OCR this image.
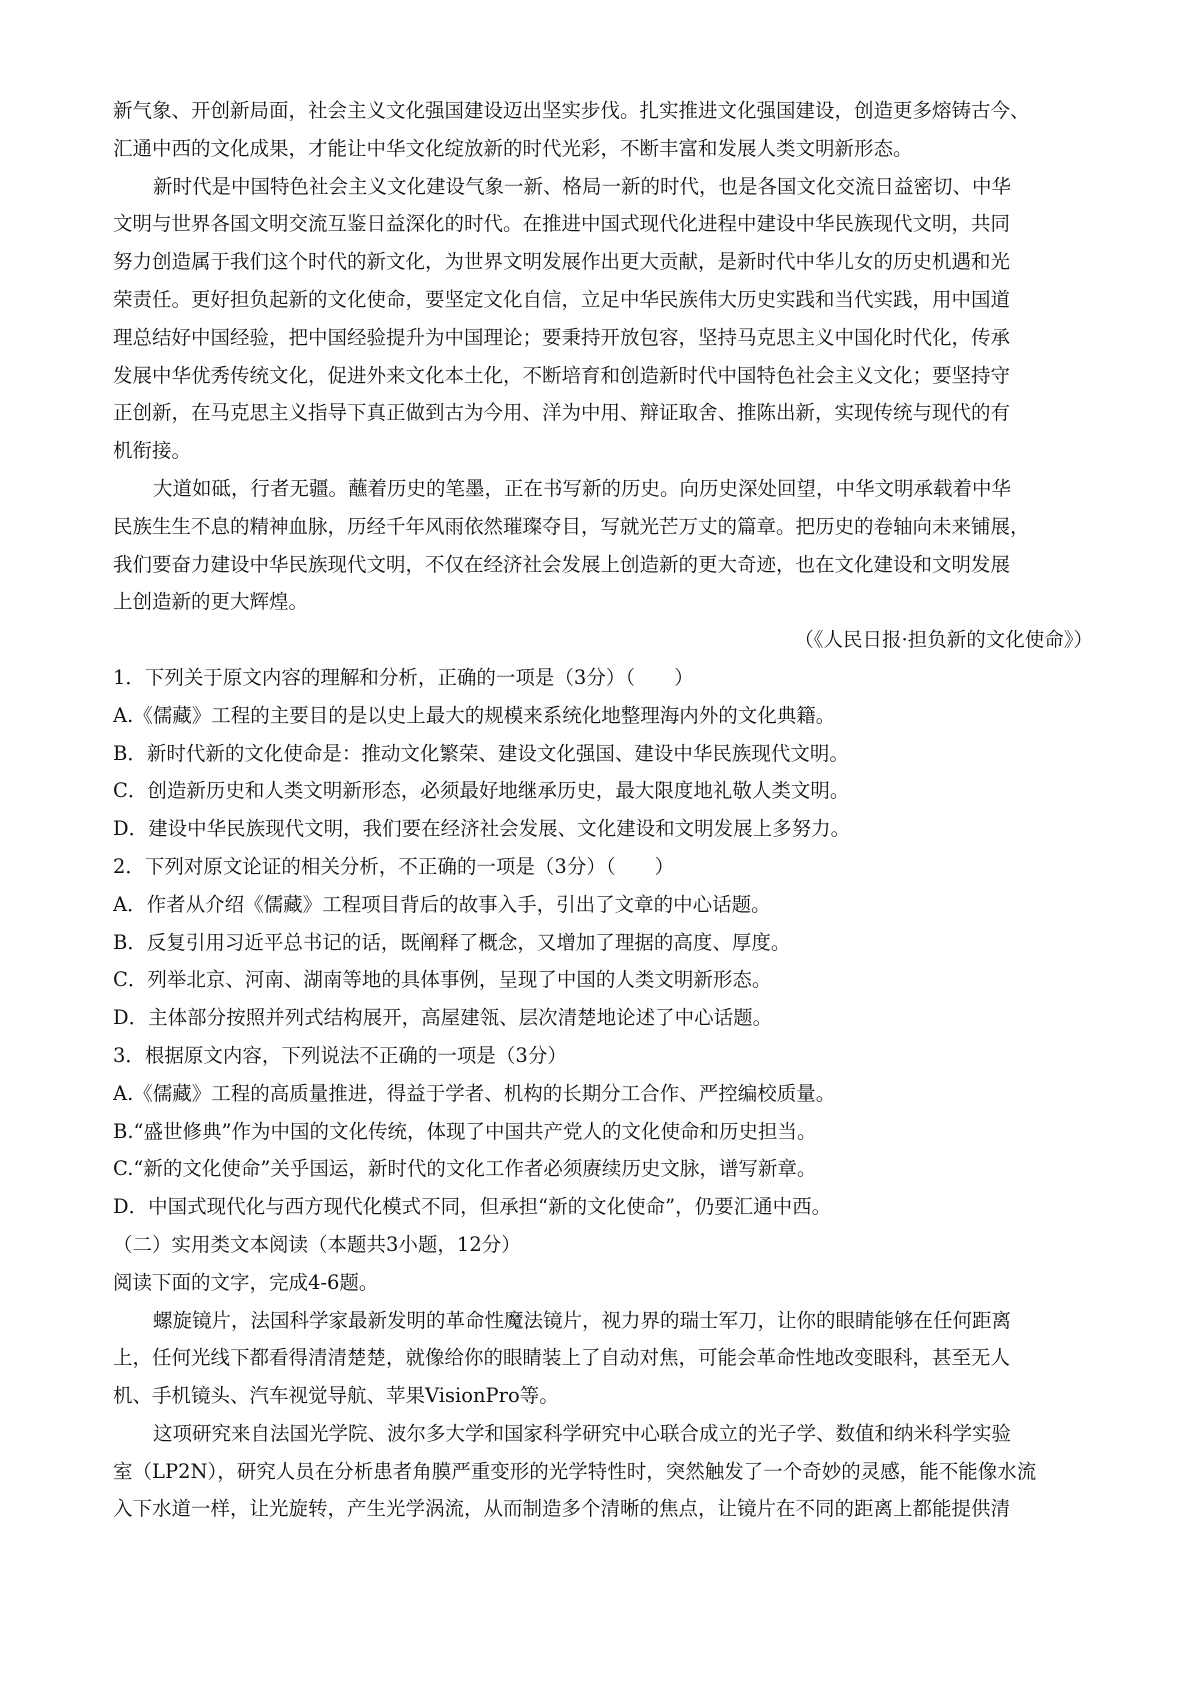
新气象、开创新局面，社会主义文化强国建设迈出坚实步伐。扎实推进文化强国建设，创造更多熔铸古今、
汇通中西的文化成果，才能让中华文化绽放新的时代光彩，不断丰富和发展人类文明新形态。
新时代是中国特色社会主义文化建设气象一新、格局一新的时代，也是各国文化交流日益密切、中华
文明与世界各国文明交流互鉴日益深化的时代。在推进中国式现代化进程中建设中华民族现代文明，共同
努力创造属于我们这个时代的新文化，为世界文明发展作出更大贡献，是新时代中华儿女的历史机遇和光
荣责任。更好担负起新的文化使命，要坚定文化自信，立足中华民族伟大历史实践和当代实践，用中国道
理总结好中国经验，把中国经验提升为中国理论；要秉持开放包容，坚持马克思主义中国化时代化，传承
发展中华优秀传统文化，促进外来文化本土化，不断培育和创造新时代中国特色社会主义文化；要坚持守
正创新，在马克思主义指导下真正做到古为今用、洋为中用、辩证取舍、推陈出新，实现传统与现代的有
机衔接。
大道如砥，行者无疆。蘸着历史的笔墨，正在书写新的历史。向历史深处回望，中华文明承载着中华
民族生生不息的精神血脉，历经千年风雨依然璀璨夺目，写就光芒万丈的篇章。把历史的卷轴向未来铺展，
我们要奋力建设中华民族现代文明，不仅在经济社会发展上创造新的更大奇迹，也在文化建设和文明发展
上创造新的更大辉煌。
（《人民日报·担负新的文化使命》）
1．下列关于原文内容的理解和分析，正确的一项是（3分）（　　）
A.《儒藏》工程的主要目的是以史上最大的规模来系统化地整理海内外的文化典籍。
B．新时代新的文化使命是：推动文化繁荣、建设文化强国、建设中华民族现代文明。
C．创造新历史和人类文明新形态，必须最好地继承历史，最大限度地礼敬人类文明。
D．建设中华民族现代文明，我们要在经济社会发展、文化建设和文明发展上多努力。
2．下列对原文论证的相关分析，不正确的一项是（3分）（　　）
A．作者从介绍《儒藏》工程项目背后的故事入手，引出了文章的中心话题。
B．反复引用习近平总书记的话，既阐释了概念，又增加了理据的高度、厚度。
C．列举北京、河南、湖南等地的具体事例，呈现了中国的人类文明新形态。
D．主体部分按照并列式结构展开，高屋建瓴、层次清楚地论述了中心话题。
3．根据原文内容，下列说法不正确的一项是（3分）
A.《儒藏》工程的高质量推进，得益于学者、机构的长期分工合作、严控编校质量。
B.“盛世修典”作为中国的文化传统，体现了中国共产党人的文化使命和历史担当。
C.“新的文化使命”关乎国运，新时代的文化工作者必须赓续历史文脉，谱写新章。
D．中国式现代化与西方现代化模式不同，但承担“新的文化使命”，仍要汇通中西。
（二）实用类文本阅读（本题共3小题，12分）
阅读下面的文字，完成4-6题。
螺旋镜片，法国科学家最新发明的革命性魔法镜片，视力界的瑞士军刀，让你的眼睛能够在任何距离
上，任何光线下都看得清清楚楚，就像给你的眼睛装上了自动对焦，可能会革命性地改变眼科，甚至无人
机、手机镜头、汽车视觉导航、苹果VisionPro等。
这项研究来自法国光学院、波尔多大学和国家科学研究中心联合成立的光子学、数值和纳米科学实验
室（LP2N），研究人员在分析患者角膜严重变形的光学特性时，突然触发了一个奇妙的灵感，能不能像水流
入下水道一样，让光旋转，产生光学涡流，从而制造多个清晰的焦点，让镜片在不同的距离上都能提供清
